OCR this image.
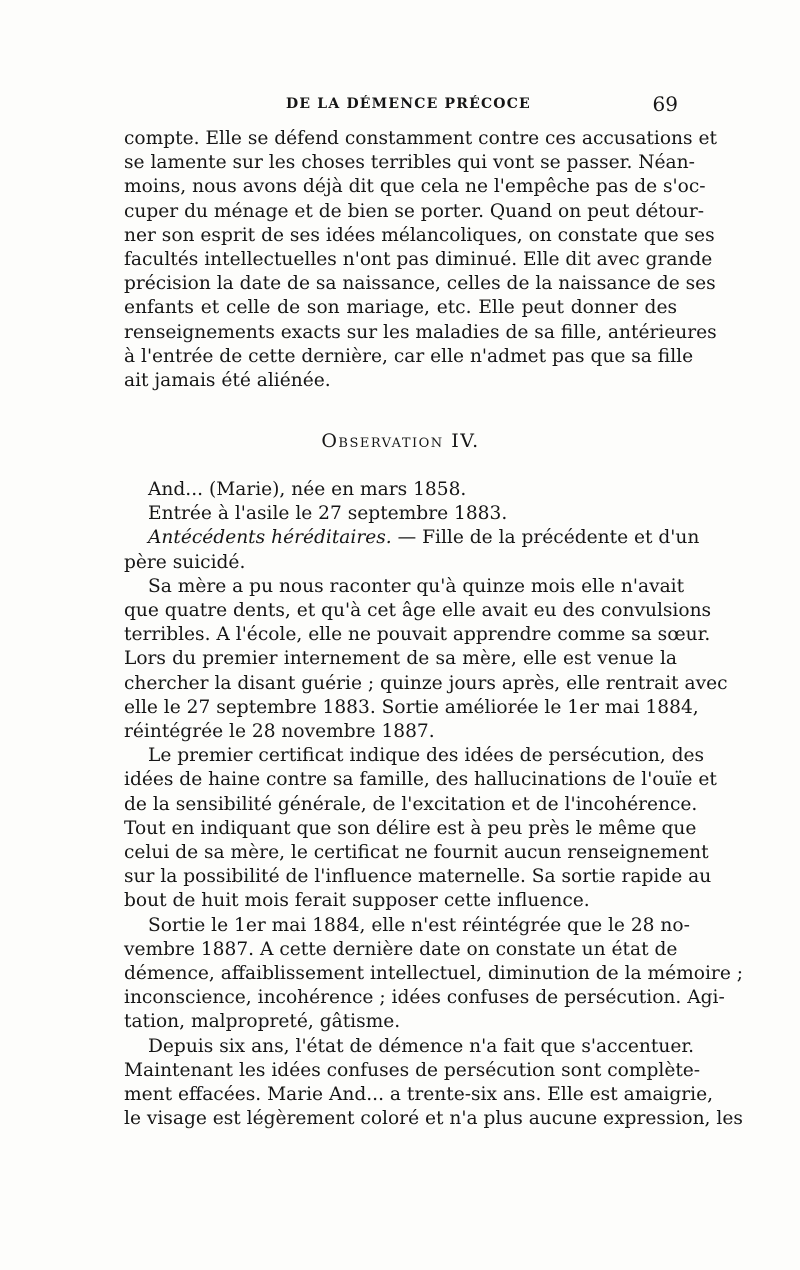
DE LA DÉMENCE PRÉCOCE	69
compte. Elle se défend constamment contre ces accusations et
se lamente sur les choses terribles qui vont se passer. Néan-
moins, nous avons déjà dit que cela ne l'empêche pas de s'oc-
cuper du ménage et de bien se porter. Quand on peut détour-
ner son esprit de ses idées mélancoliques, on constate que ses
facultés intellectuelles n'ont pas diminué. Elle dit avec grande
précision la date de sa naissance, celles de la naissance de ses
enfants et celle de son mariage, etc. Elle peut donner des
renseignements exacts sur les maladies de sa fille, antérieures
à l'entrée de cette dernière, car elle n'admet pas que sa fille
ait jamais été aliénée.
Observation IV.
And... (Marie), née en mars 1858.
Entrée à l'asile le 27 septembre 1883.
Antécédents héréditaires. — Fille de la précédente et d'un
père suicidé.
Sa mère a pu nous raconter qu'à quinze mois elle n'avait
que quatre dents, et qu'à cet âge elle avait eu des convulsions
terribles. A l'école, elle ne pouvait apprendre comme sa sœur.
Lors du premier internement de sa mère, elle est venue la
chercher la disant guérie ; quinze jours après, elle rentrait avec
elle le 27 septembre 1883. Sortie améliorée le 1er mai 1884,
réintégrée le 28 novembre 1887.
Le premier certificat indique des idées de persécution, des
idées de haine contre sa famille, des hallucinations de l'ouïe et
de la sensibilité générale, de l'excitation et de l'incohérence.
Tout en indiquant que son délire est à peu près le même que
celui de sa mère, le certificat ne fournit aucun renseignement
sur la possibilité de l'influence maternelle. Sa sortie rapide au
bout de huit mois ferait supposer cette influence.
Sortie le 1er mai 1884, elle n'est réintégrée que le 28 no-
vembre 1887. A cette dernière date on constate un état de
démence, affaiblissement intellectuel, diminution de la mémoire ;
inconscience, incohérence ; idées confuses de persécution. Agi-
tation, malpropreté, gâtisme.
Depuis six ans, l'état de démence n'a fait que s'accentuer.
Maintenant les idées confuses de persécution sont complète-
ment effacées. Marie And... a trente-six ans. Elle est amaigrie,
le visage est légèrement coloré et n'a plus aucune expression, les
